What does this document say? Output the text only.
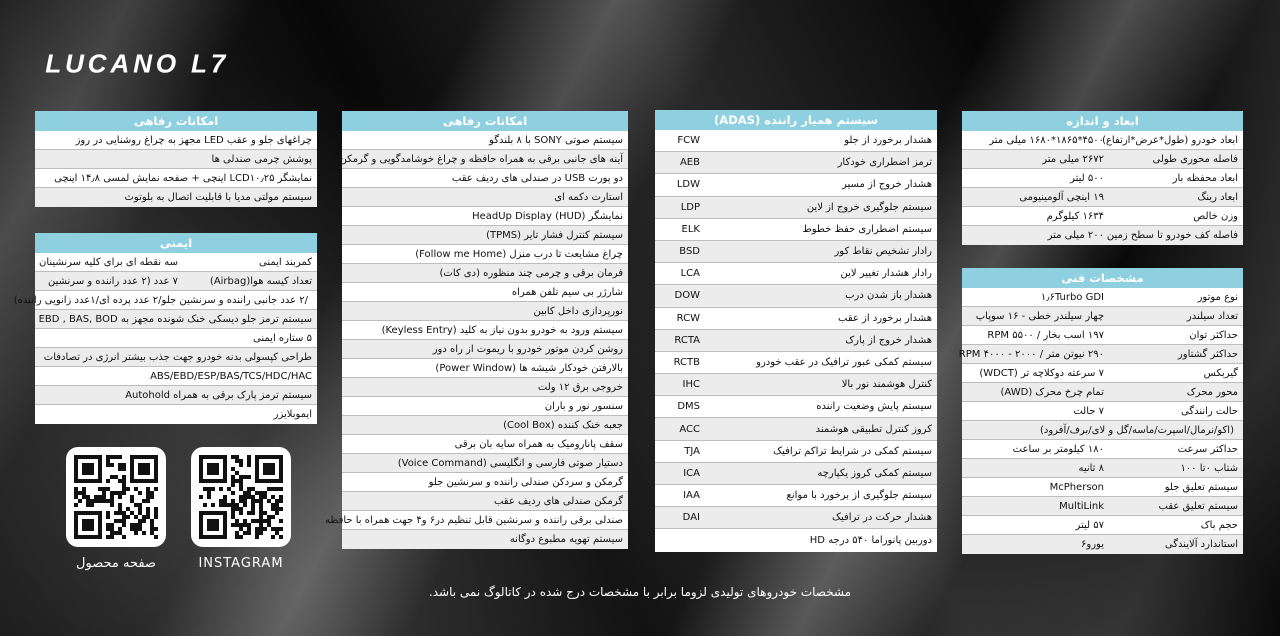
LUCANO L7
ابعاد و اندازه
ابعاد خودرو (طول*عرض*ارتفاع)
۴۵۰۰*۱۸۶۵*۱۶۸۰ میلی متر
فاصله محوری طولی
۲۶۷۲ میلی متر
ابعاد محفظه بار
۵۰۰ لیتر
ابعاد رینگ
۱۹ اینچی آلومینیومی
وزن خالص
۱۶۳۴ کیلوگرم
فاصله کف خودرو تا سطح زمین
۲۰۰ میلی متر
مشخصات فنی
نوع موتور
۱٫۶Turbo GDI
تعداد سیلندر
چهار سیلندر خطی - ۱۶ سوپاپ
حداکثر توان
۱۹۷ اسب بخار / ۵۵۰۰ RPM
حداکثر گشتاور
۲۹۰ نیوتن متر / ۲۰۰۰ - ۴۰۰۰ RPM
گیربکس
۷ سرعته دوکلاچه تر (WDCT)
محور محرک
تمام چرخ محرک (AWD)
حالت رانندگی
۷ حالت
(اکو/نرمال/اسپرت/ماسه/گل و لای/برف/آفرود)
حداکثر سرعت
۱۸۰ کیلومتر بر ساعت
شتاب ۰تا ۱۰۰
۸ ثانیه
سیستم تعلیق جلو
McPherson
سیستم تعلیق عقب
MultiLink
حجم باک
۵۷ لیتر
استاندارد آلایندگی
یورو۶
سیستم همیار راننده (ADAS)
هشدار برخورد از جلو
FCW
ترمز اضطراری خودکار
AEB
هشدار خروج از مسیر
LDW
سیستم جلوگیری خروج از لاین
LDP
سیستم اضطراری حفظ خطوط
ELK
رادار تشخیص نقاط کور
BSD
رادار هشدار تغییر لاین
LCA
هشدار باز شدن درب
DOW
هشدار برخورد از عقب
RCW
هشدار خروج از پارک
RCTA
سیستم کمکی عبور ترافیک در عقب خودرو
RCTB
کنترل هوشمند نور بالا
IHC
سیستم پایش وضعیت راننده
DMS
کروز کنترل تطبیقی هوشمند
ACC
سیستم کمکی در شرایط تراکم ترافیک
TJA
سیستم کمکی کروز یکپارچه
ICA
سیستم جلوگیری از برخورد با موانع
IAA
هشدار حرکت در ترافیک
DAI
دوربین پانوراما ۵۴۰ درجه HD
امکانات رفاهی
سیستم صوتی SONY با ۸ بلندگو
آینه های جانبی برقی به همراه حافظه و چراغ خوشامدگویی و گرمکن
دو پورت USB در صندلی های ردیف عقب
استارت دکمه ای
نمایشگر HeadUp Display (HUD)
سیستم کنترل فشار تایر (TPMS)
چراغ مشایعت تا درب منزل (Follow me Home)
فرمان برقی و چرمی چند منظوره (دی کات)
شارژر بی سیم تلفن همراه
نورپردازی داخل کابین
سیستم ورود به خودرو بدون نیاز به کلید (Keyless Entry)
روشن کردن موتور خودرو با ریموت از راه دور
بالارفتن خودکار شیشه ها (Power Window)
خروجی برق ۱۲ ولت
سنسور نور و باران
جعبه خنک کننده (Cool Box)
سقف پانارومیک به همراه سایه بان برقی
دستیار صوتی فارسی و انگلیسی (Voice Command)
گرمکن و سردکن صندلی راننده و سرنشین جلو
گرمکن صندلی های ردیف عقب
صندلی برقی راننده و سرنشین قابل تنظیم در۶ و۴ جهت همراه با حافظه
سیستم تهویه مطبوع دوگانه
امکانات رفاهی
چراغهای جلو و عقب LED مجهز به چراغ روشنایی در روز
پوشش چرمی صندلی ها
نمایشگر LCD۱۰٫۲۵ اینچی + صفحه نمایش لمسی ۱۴٫۸ اینچی
سیستم مولتی مدیا با قابلیت اتصال به بلوتوث
ایمنی
کمربند ایمنی
سه نقطه ای برای کلیه سرنشینان
تعداد کیسه هوا(Airbag)
۷ عدد (۲ عدد راننده و سرنشین
/۲ عدد جانبی راننده و سرنشین جلو/۲ عدد پرده ای/۱عدد زانویی راننده)
سیستم ترمز جلو دیسکی خنک شونده مجهز به EBD , BAS, BOD
۵ ستاره ایمنی
طراحی کپسولی بدنه خودرو جهت جذب بیشتر انرژی در تصادفات
ABS/EBD/ESP/BAS/TCS/HDC/HAC
سیستم ترمز پارک برقی به همراه Autohold
ایموبلایزر
صفحه محصول	INSTAGRAM
مشخصات خودروهای تولیدی لزوما برابر با مشخصات درج شده در کاتالوگ نمی باشد.
